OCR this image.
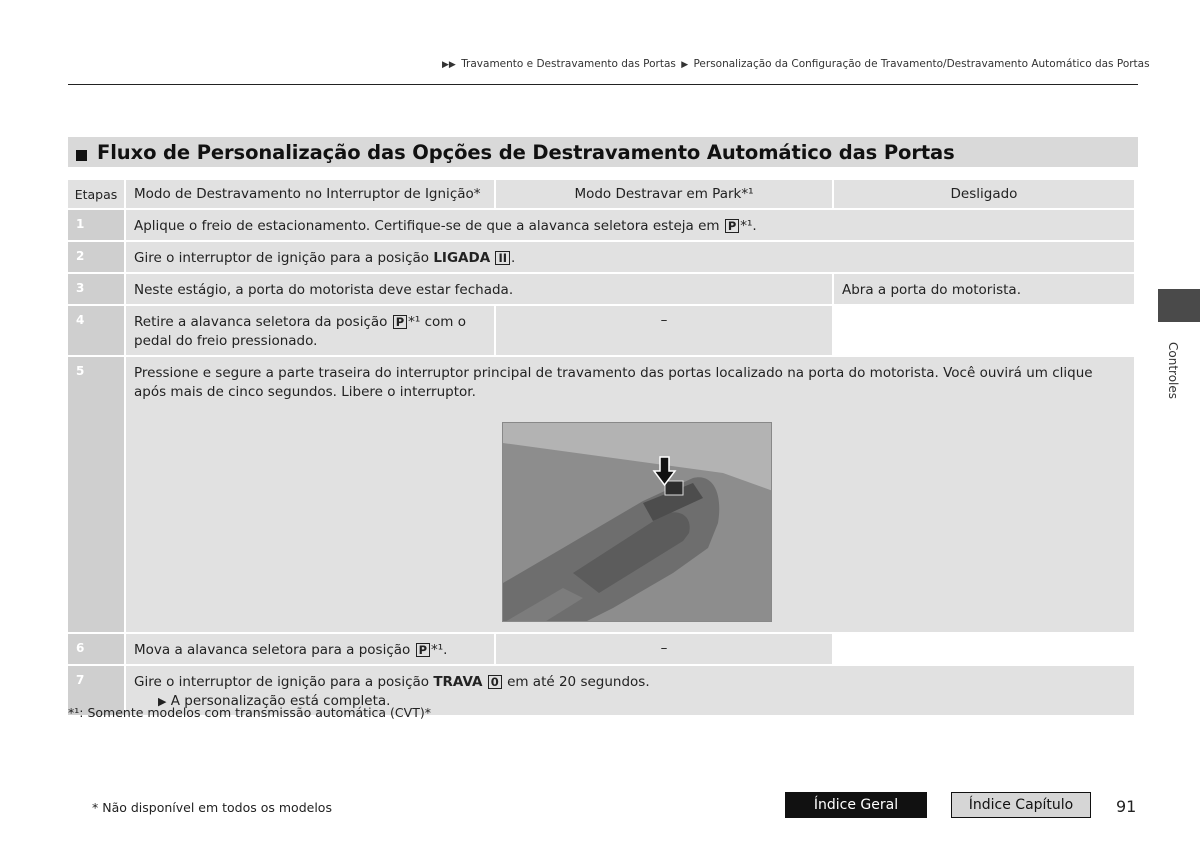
▶▶ Travamento e Destravamento das Portas ▶ Personalização da Configuração de Travamento/Destravamento Automático das Portas
Fluxo de Personalização das Opções de Destravamento Automático das Portas
Etapas	Modo de Destravamento no Interruptor de Ignição*	Modo Destravar em Park*¹	Desligado
1	Aplique o freio de estacionamento. Certifique-se de que a alavanca seletora esteja em P *¹.		
2	Gire o interruptor de ignição para a posição LIGADA II .		
3	Neste estágio, a porta do motorista deve estar fechada.		Abra a porta do motorista.
4	Retire a alavanca seletora da posição P *¹ com o pedal do freio pressionado.	–	
5	Pressione e segure a parte traseira do interruptor principal de travamento das portas localizado na porta do motorista. Você ouvirá um clique após mais de cinco segundos. Libere o interruptor.		

6	Mova a alavanca seletora para a posição P *¹.	–	
7	Gire o interruptor de ignição para a posição TRAVA 0 em até 20 segundos.
▶ A personalização está completa.		
*¹: Somente modelos com transmissão automática (CVT)*
* Não disponível em todos os modelos
Controles
Índice Geral	Índice Capítulo	91
